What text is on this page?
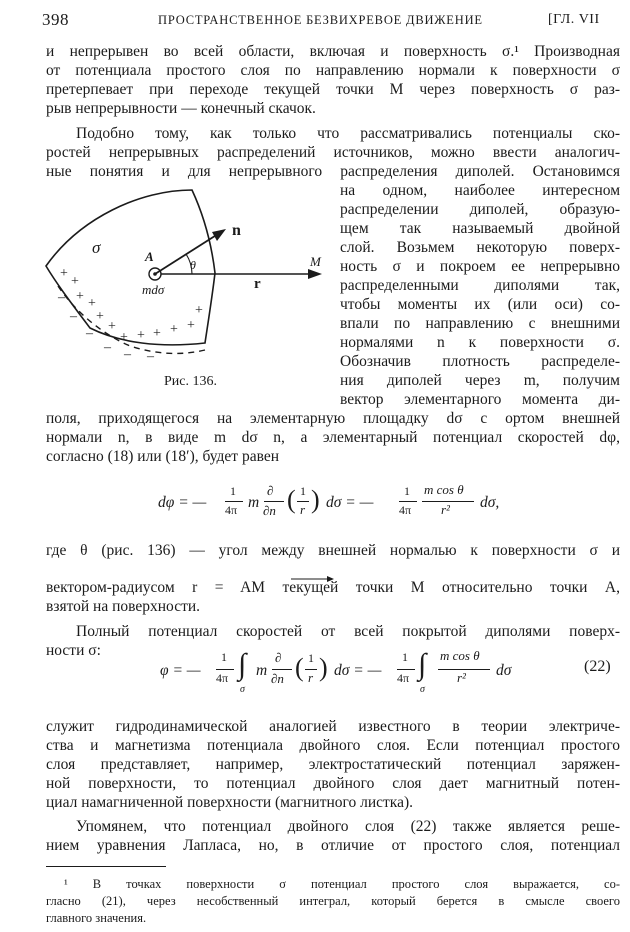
398	ПРОСТРАНСТВЕННОЕ БЕЗВИХРЕВОЕ ДВИЖЕНИЕ	[ГЛ. VII
и непрерывен во всей области, включая и поверхность σ.¹ Производная
от потенциала простого слоя по направлению нормали к поверхности σ
претерпевает при переходе текущей точки M через поверхность σ раз-
рыв непрерывности — конечный скачок.
Подобно тому, как только что рассматривались потенциалы ско-
ростей непрерывных распределений источников, можно ввести аналогич-
ные понятия и для непрерывного распределения диполей. Остановимся
на одном, наиболее интересном
распределении диполей, образую-
щем так называемый двойной
слой. Возьмем некоторую поверх-
ность σ и покроем ее непрерывно
распределенными диполями так,
чтобы моменты их (или оси) со-
впали по направлению с внешними
нормалями n к поверхности σ.
Обозначив плотность распределе-
ния диполей через m, получим
вектор элементарного момента ди-
поля, приходящегося на элементарную площадку dσ с ортом внешней
нормали n, в виде m dσ n, а элементарный потенциал скоростей dφ,
согласно (18) или (18′), будет равен
σ	A
n
θ	M
r
mdσ
+
+
+ +
+
+
+ + + + +
+
–
–
–
– – –
Рис. 136.
dφ = —
1
4π m
∂
∂n ( 1
r ) dσ = —
1
4π
m cos θ
r² dσ,
где θ (рис. 136) — угол между внешней нормалью к поверхности σ и
вектором-радиусом r = AM текущей точки M относительно точки A,
взятой на поверхности.
Полный потенциал скоростей от всей покрытой диполями поверх-
ности σ:
φ = —
1
4π ∫
σ
m
∂
∂n ( 1
r ) dσ = —
1
4π ∫
σ
m cos θ
r² dσ	(22)
служит гидродинамической аналогией известного в теории электриче-
ства и магнетизма потенциала двойного слоя. Если потенциал простого
слоя представляет, например, электростатический потенциал заряжен-
ной поверхности, то потенциал двойного слоя дает магнитный потен-
циал намагниченной поверхности (магнитного листка).
Упомянем, что потенциал двойного слоя (22) также является реше-
нием уравнения Лапласа, но, в отличие от простого слоя, потенциал
¹ В точках поверхности σ потенциал простого слоя выражается, со-
гласно (21), через несобственный интеграл, который берется в смысле своего
главного значения.
